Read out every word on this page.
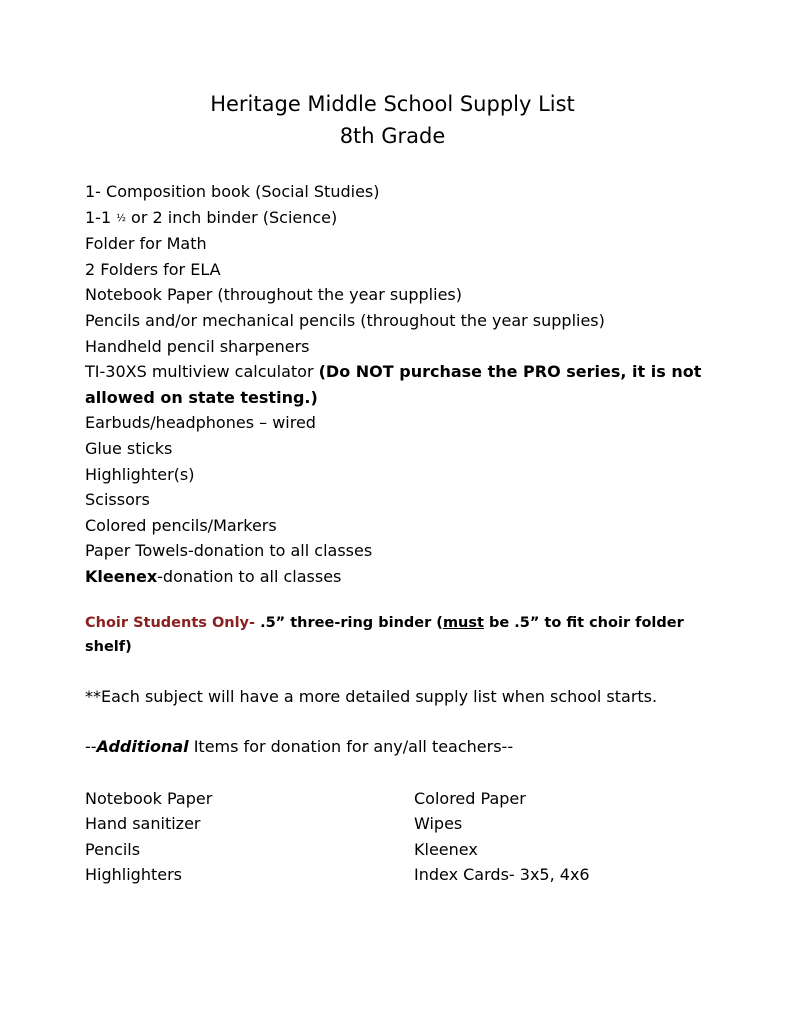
Heritage Middle School Supply List
8th Grade
1- Composition book (Social Studies)
1-1 ½ or 2 inch binder (Science)
Folder for Math
2 Folders for ELA
Notebook Paper (throughout the year supplies)
Pencils and/or mechanical pencils (throughout the year supplies)
Handheld pencil sharpeners
TI-30XS multiview calculator (Do NOT purchase the PRO series, it is not allowed on state testing.)
Earbuds/headphones – wired
Glue sticks
Highlighter(s)
Scissors
Colored pencils/Markers
Paper Towels-donation to all classes
Kleenex-donation to all classes
Choir Students Only- .5” three-ring binder (must be .5” to fit choir folder shelf)
**Each subject will have a more detailed supply list when school starts.
--Additional Items for donation for any/all teachers--
Notebook Paper
Hand sanitizer
Pencils
Highlighters
Colored Paper
Wipes
Kleenex
Index Cards- 3x5, 4x6
